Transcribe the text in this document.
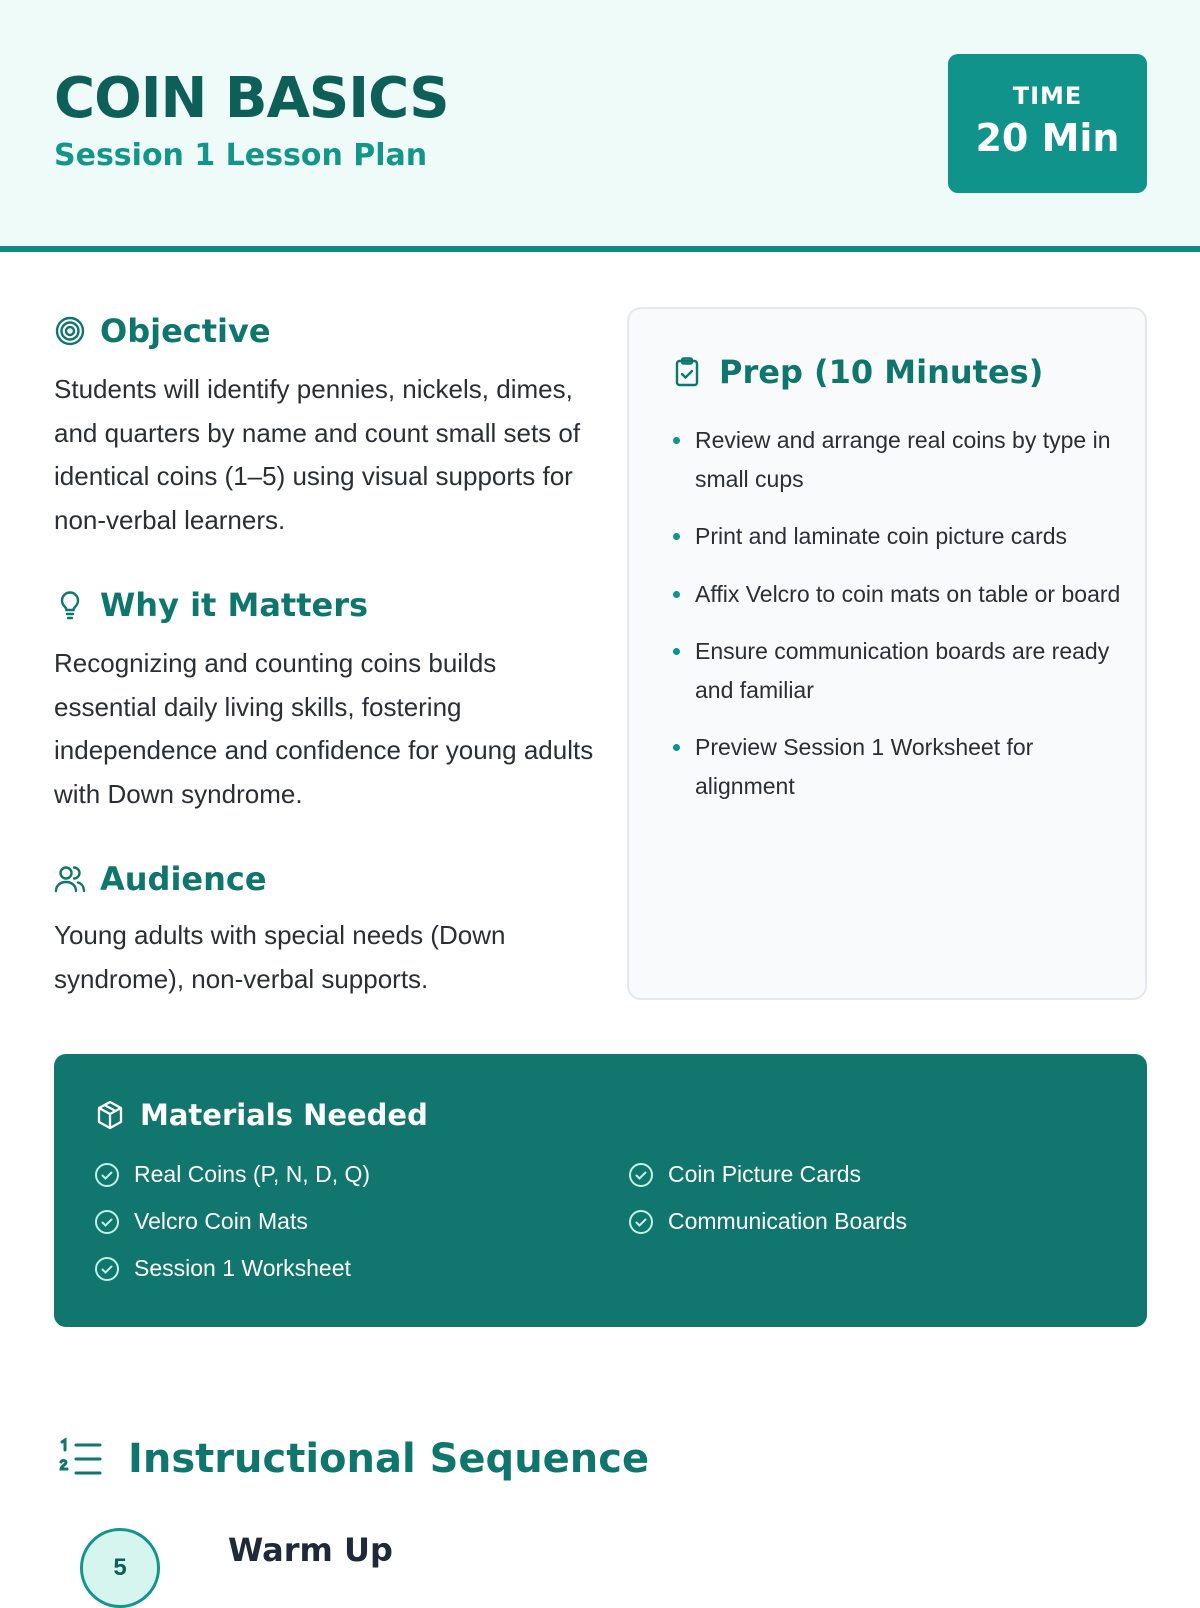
COIN BASICS
Session 1 Lesson Plan
TIME
20 Min
Objective
Students will identify pennies, nickels, dimes, and quarters by name and count small sets of identical coins (1–5) using visual supports for non-verbal learners.
Why it Matters
Recognizing and counting coins builds essential daily living skills, fostering independence and confidence for young adults with Down syndrome.
Audience
Young adults with special needs (Down syndrome), non-verbal supports.
Prep (10 Minutes)
Review and arrange real coins by type in small cups
Print and laminate coin picture cards
Affix Velcro to coin mats on table or board
Ensure communication boards are ready and familiar
Preview Session 1 Worksheet for alignment
Materials Needed
Real Coins (P, N, D, Q)	Coin Picture Cards
Velcro Coin Mats	Communication Boards
Session 1 Worksheet
Instructional Sequence
5	Warm Up
